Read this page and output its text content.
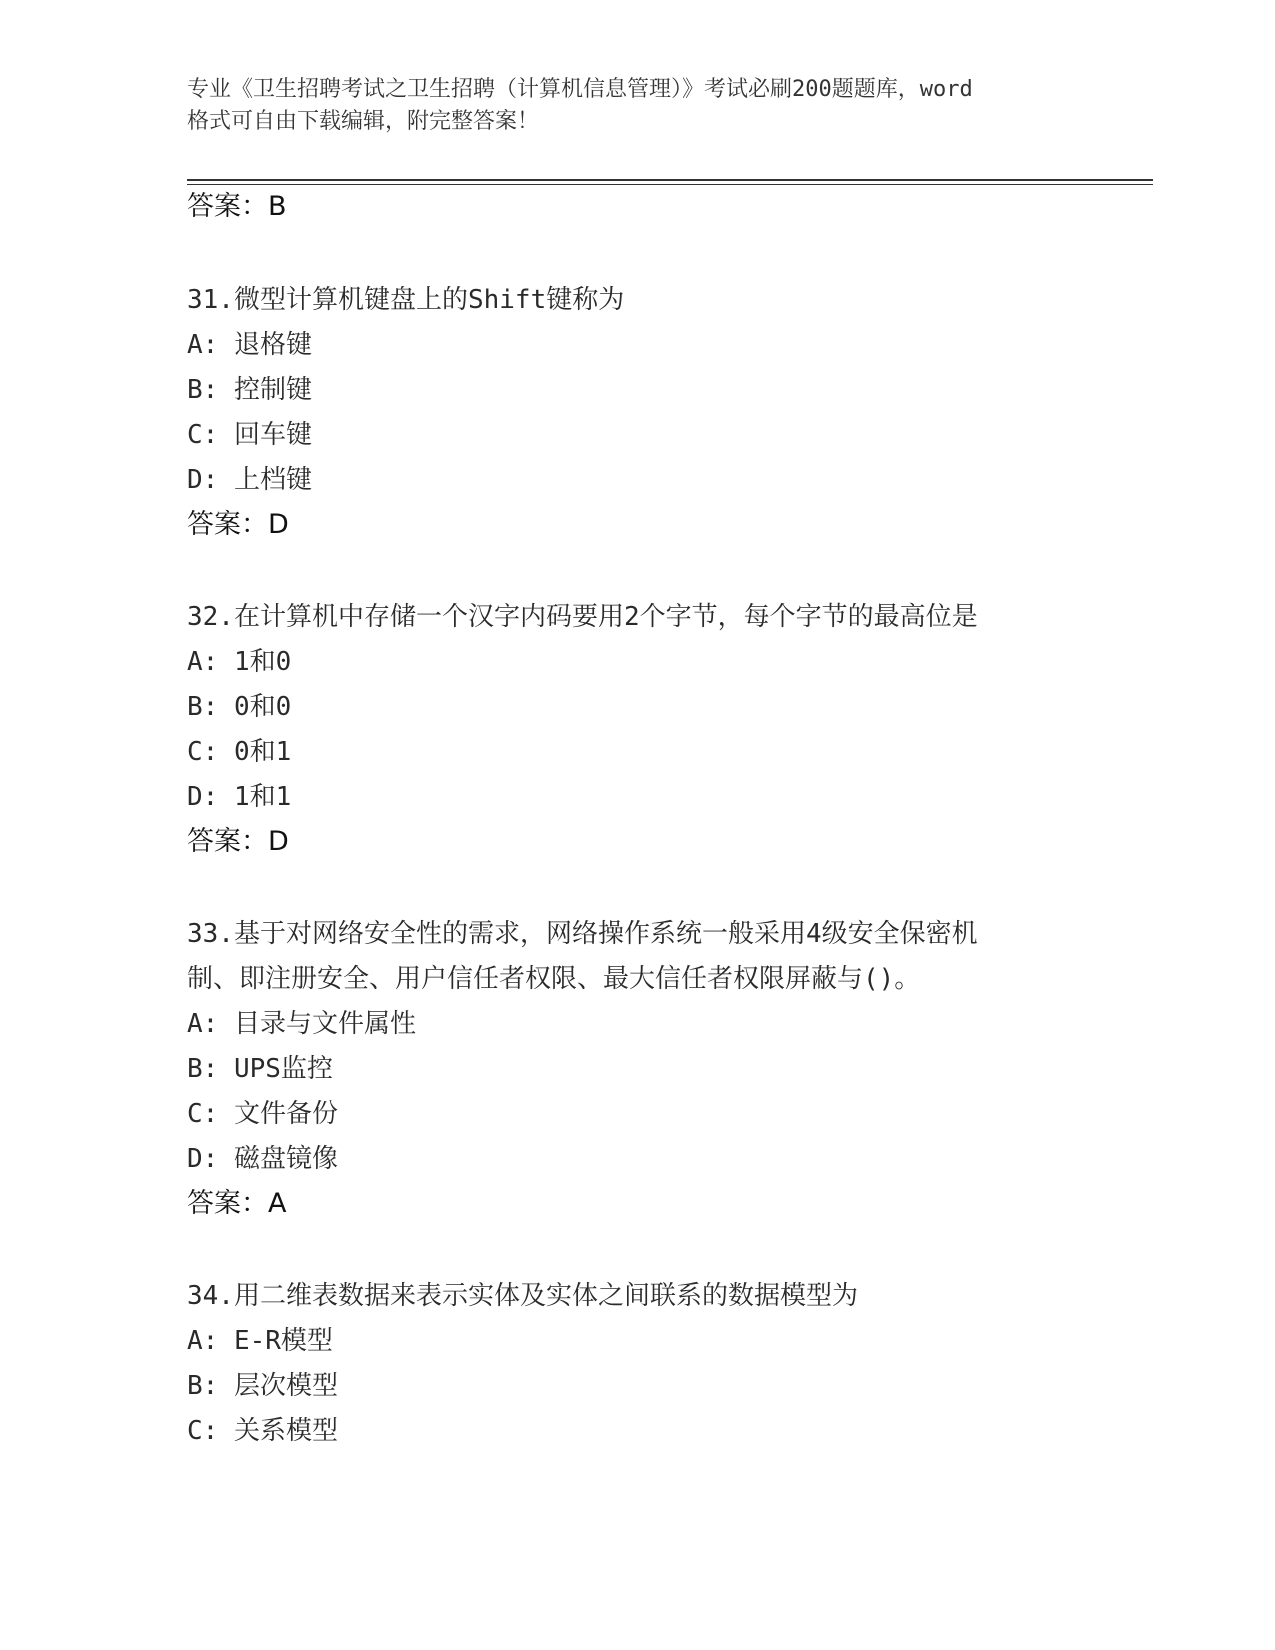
专业《卫生招聘考试之卫生招聘（计算机信息管理）》考试必刷200题题库，word
格式可自由下载编辑，附完整答案！
答案：B
31.微型计算机键盘上的Shift键称为
A: 退格键
B: 控制键
C: 回车键
D: 上档键
答案：D
32.在计算机中存储一个汉字内码要用2个字节，每个字节的最高位是
A: 1和0
B: 0和0
C: 0和1
D: 1和1
答案：D
33.基于对网络安全性的需求，网络操作系统一般采用4级安全保密机
制、即注册安全、用户信任者权限、最大信任者权限屏蔽与()。
A: 目录与文件属性
B: UPS监控
C: 文件备份
D: 磁盘镜像
答案：A
34.用二维表数据来表示实体及实体之间联系的数据模型为
A: E-R模型
B: 层次模型
C: 关系模型
